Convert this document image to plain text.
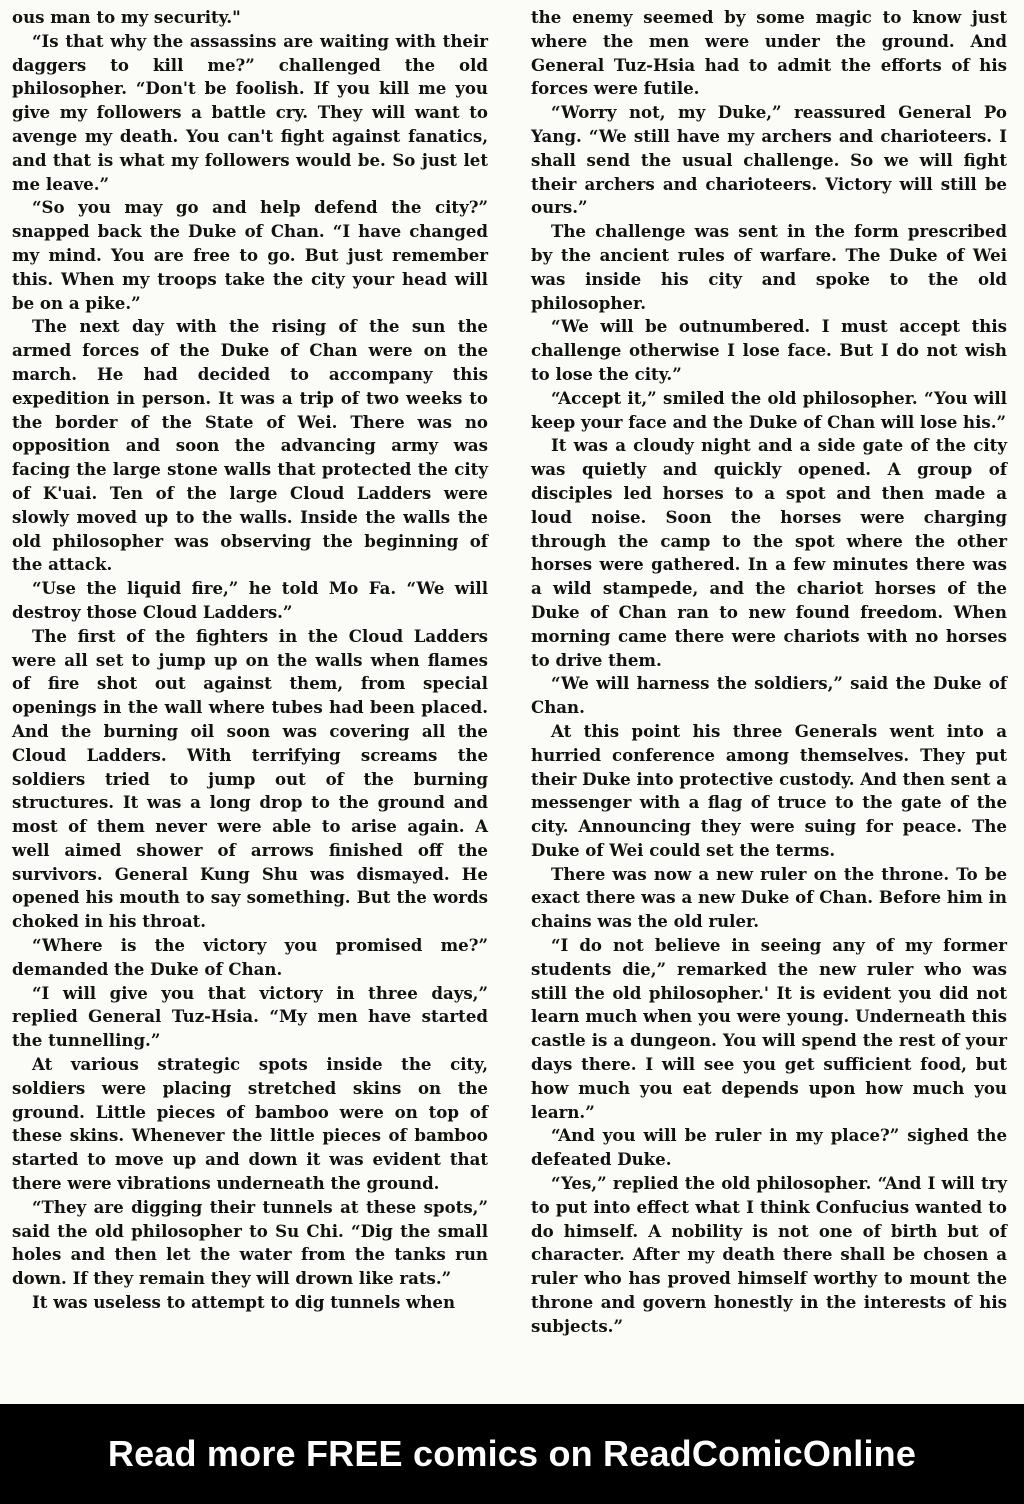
ous man to my security."

“Is that why the assassins are waiting with their daggers to kill me?” challenged the old philosopher. “Don't be foolish. If you kill me you give my followers a battle cry. They will want to avenge my death. You can't fight against fanatics, and that is what my followers would be. So just let me leave.”

“So you may go and help defend the city?” snapped back the Duke of Chan. “I have changed my mind. You are free to go. But just remember this. When my troops take the city your head will be on a pike.”

The next day with the rising of the sun the armed forces of the Duke of Chan were on the march. He had decided to accompany this expedition in person. It was a trip of two weeks to the border of the State of Wei. There was no opposition and soon the advancing army was facing the large stone walls that protected the city of K'uai. Ten of the large Cloud Ladders were slowly moved up to the walls. Inside the walls the old philosopher was observing the beginning of the attack.

“Use the liquid fire,” he told Mo Fa. “We will destroy those Cloud Ladders.”

The first of the fighters in the Cloud Ladders were all set to jump up on the walls when flames of fire shot out against them, from special openings in the wall where tubes had been placed. And the burning oil soon was covering all the Cloud Ladders. With terrifying screams the soldiers tried to jump out of the burning structures. It was a long drop to the ground and most of them never were able to arise again. A well aimed shower of arrows finished off the survivors. General Kung Shu was dismayed. He opened his mouth to say something. But the words choked in his throat.

“Where is the victory you promised me?” demanded the Duke of Chan.

“I will give you that victory in three days,” replied General Tuz-Hsia. “My men have started the tunnelling.”

At various strategic spots inside the city, soldiers were placing stretched skins on the ground. Little pieces of bamboo were on top of these skins. Whenever the little pieces of bamboo started to move up and down it was evident that there were vibrations underneath the ground.

“They are digging their tunnels at these spots,” said the old philosopher to Su Chi. “Dig the small holes and then let the water from the tanks run down. If they remain they will drown like rats.”

It was useless to attempt to dig tunnels when

the enemy seemed by some magic to know just where the men were under the ground. And General Tuz-Hsia had to admit the efforts of his forces were futile.

“Worry not, my Duke,” reassured General Po Yang. “We still have my archers and charioteers. I shall send the usual challenge. So we will fight their archers and charioteers. Victory will still be ours.”

The challenge was sent in the form prescribed by the ancient rules of warfare. The Duke of Wei was inside his city and spoke to the old philosopher.

“We will be outnumbered. I must accept this challenge otherwise I lose face. But I do not wish to lose the city.”

“Accept it,” smiled the old philosopher. “You will keep your face and the Duke of Chan will lose his.”

It was a cloudy night and a side gate of the city was quietly and quickly opened. A group of disciples led horses to a spot and then made a loud noise. Soon the horses were charging through the camp to the spot where the other horses were gathered. In a few minutes there was a wild stampede, and the chariot horses of the Duke of Chan ran to new found freedom. When morning came there were chariots with no horses to drive them.

“We will harness the soldiers,” said the Duke of Chan.

At this point his three Generals went into a hurried conference among themselves. They put their Duke into protective custody. And then sent a messenger with a flag of truce to the gate of the city. Announcing they were suing for peace. The Duke of Wei could set the terms.

There was now a new ruler on the throne. To be exact there was a new Duke of Chan. Before him in chains was the old ruler.

“I do not believe in seeing any of my former students die,” remarked the new ruler who was still the old philosopher.' It is evident you did not learn much when you were young. Underneath this castle is a dungeon. You will spend the rest of your days there. I will see you get sufficient food, but how much you eat depends upon how much you learn.”

“And you will be ruler in my place?” sighed the defeated Duke.

“Yes,” replied the old philosopher. “And I will try to put into effect what I think Confucius wanted to do himself. A nobility is not one of birth but of character. After my death there shall be chosen a ruler who has proved himself worthy to mount the throne and govern honestly in the interests of his subjects.”

Read more FREE comics on ReadComicOnline
